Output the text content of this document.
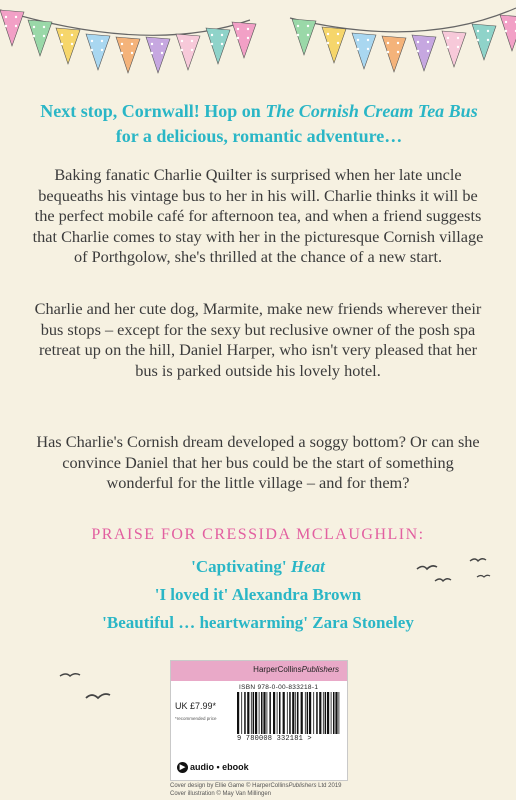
Next stop, Cornwall! Hop on The Cornish Cream Tea Bus for a delicious, romantic adventure…
Baking fanatic Charlie Quilter is surprised when her late uncle bequeaths his vintage bus to her in his will. Charlie thinks it will be the perfect mobile café for afternoon tea, and when a friend suggests that Charlie comes to stay with her in the picturesque Cornish village of Porthgolow, she's thrilled at the chance of a new start.
Charlie and her cute dog, Marmite, make new friends wherever their bus stops – except for the sexy but reclusive owner of the posh spa retreat up on the hill, Daniel Harper, who isn't very pleased that her bus is parked outside his lovely hotel.
Has Charlie's Cornish dream developed a soggy bottom? Or can she convince Daniel that her bus could be the start of something wonderful for the little village – and for them?
PRAISE FOR CRESSIDA MCLAUGHLIN:
'Captivating' Heat
'I loved it' Alexandra Brown
'Beautiful … heartwarming' Zara Stoneley
HarperCollinsPublishers
ISBN 978-0-00-833218-1
UK £7.99*
*recommended price
9 780008 332181 >
▶ audio • ebook
Cover design by Ellie Game © HarperCollinsPublishers Ltd 2019
Cover illustration © May Van Millingen
